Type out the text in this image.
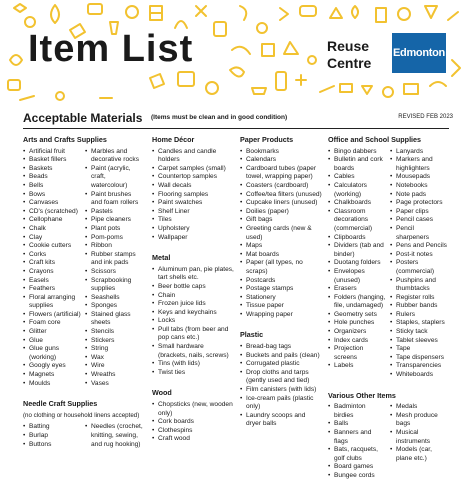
Item List	Reuse
Centre
Edmonton
Acceptable Materials (Items must be clean and in good condition)	REVISED FEB 2023
Arts and Crafts Supplies
• Artificial fruit
• Basket fillers
• Baskets
• Beads
• Bells
• Bows
• Canvases
• CD's (scratched)
• Cellophane
• Chalk
• Clay
• Cookie cutters
• Corks
• Craft kits
• Crayons
• Easels
• Feathers
• Floral arranging supplies
• Flowers (artificial)
• Foam core
• Glitter
• Glue
• Glue guns (working)
• Googly eyes
• Magnets
• Moulds
• Marbles and decorative rocks
• Paint (acrylic, craft, watercolour)
• Paint brushes and foam rollers
• Pastels
• Pipe cleaners
• Plant pots
• Pom-poms
• Ribbon
• Rubber stamps and ink pads
• Scissors
• Scrapbooking supplies
• Seashells
• Sponges
• Stained glass sheets
• Stencils
• Stickers
• String
• Wax
• Wire
• Wreaths
• Vases
Needle Craft Supplies
(no clothing or household linens accepted)
• Batting
• Burlap
• Buttons
• Needles (crochet, knitting, sewing, and rug hooking)
Home Décor
• Candles and candle holders
• Carpet samples (small)
• Countertop samples
• Wall decals
• Flooring samples
• Paint swatches
• Shelf Liner
• Tiles
• Upholstery
• Wallpaper
Metal
• Aluminum pan, pie plates, tart shells etc.
• Beer bottle caps
• Chain
• Frozen juice lids
• Keys and keychains
• Locks
• Pull tabs (from beer and pop cans etc.)
• Small hardware (brackets, nails, screws)
• Tins (with lids)
• Twist ties
Wood
• Chopsticks (new, wooden only)
• Cork boards
• Clothespins
• Craft wood
Paper Products
• Bookmarks
• Calendars
• Cardboard tubes (paper towel, wrapping paper)
• Coasters (cardboard)
• Coffee/tea filters (unused)
• Cupcake liners (unused)
• Doilies (paper)
• Gift bags
• Greeting cards (new & used)
• Maps
• Mat boards
• Paper (all types, no scraps)
• Postcards
• Postage stamps
• Stationery
• Tissue paper
• Wrapping paper
Plastic
• Bread-bag tags
• Buckets and pails (clean)
• Corrugated plastic
• Drop cloths and tarps (gently used and tied)
• Film canisters (with lids)
• Ice-cream pails (plastic only)
• Laundry scoops and dryer balls
Office and School Supplies
• Bingo dabbers
• Bulletin and cork boards
• Cables
• Calculators (working)
• Chalkboards
• Classroom decorations (commercial)
• Clipboards
• Dividers (tab and binder)
• Duotang folders
• Envelopes (unused)
• Erasers
• Folders (hanging, file, undamaged)
• Geometry sets
• Hole punches
• Organizers
• Index cards
• Projection screens
• Labels
• Lanyards
• Markers and highlighters
• Mousepads
• Notebooks
• Note pads
• Page protectors
• Paper clips
• Pencil cases
• Pencil sharpeners
• Pens and Pencils
• Post-it notes
• Posters (commercial)
• Pushpins and thumbtacks
• Register rolls
• Rubber bands
• Rulers
• Staples, staplers
• Sticky tack
• Tablet sleeves
• Tape
• Tape dispensers
• Transparencies
• Whiteboards
Various Other Items
• Badminton birdies
• Balls
• Banners and flags
• Bats, racquets, golf clubs
• Board games
• Bungee cords
• Medals
• Mesh produce bags
• Musical instruments
• Models (car, plane etc.)
